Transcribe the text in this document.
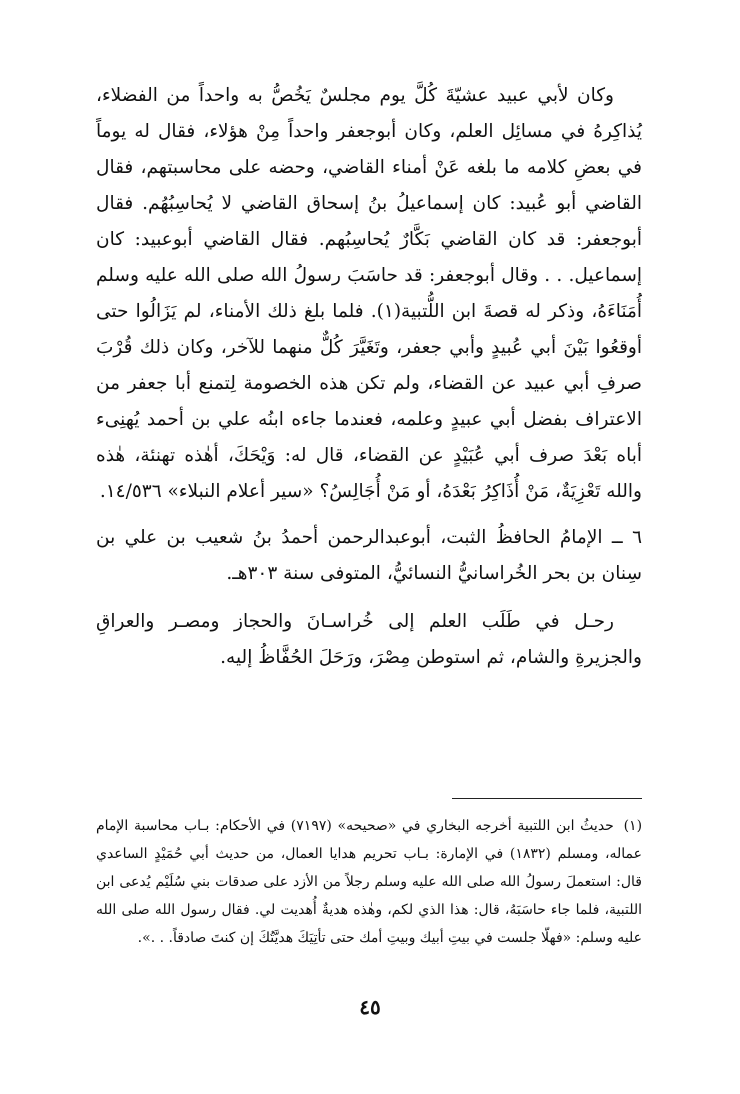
وكان لأبي عبيد عشيّةَ كُلَّ يوم مجلسٌ يَخُصُّ به واحداً من الفضلاء، يُذاكِرهُ في مسائِل العلم، وكان أبوجعفر واحداً مِنْ هؤلاء، فقال له يوماً في بعضِ كلامه ما بلغه عَنْ أمناء القاضي، وحضه على محاسبتهم، فقال القاضي أبو عُبيد: كان إسماعيلُ بنُ إسحاق القاضي لا يُحاسِبُهُم. فقال أبوجعفر: قد كان القاضي بَكَّارٌ يُحاسِبُهم. فقال القاضي أبوعبيد: كان إسماعيل. . . وقال أبوجعفر: قد حاسَبَ رسولُ الله صلى الله عليه وسلم أُمَنَاءَهُ، وذكر له قصةَ ابن اللُّتبية(١). فلما بلغ ذلك الأمناء، لم يَزَالُوا حتى أوقعُوا بَيْنَ أبي عُبيدٍ وأبي جعفر، وتَغَيَّرَ كُلٌّ منهما للآخر، وكان ذلك قُرْبَ صرفِ أبي عبيد عن القضاء، ولم تكن هذه الخصومة لِتمنع أبا جعفر من الاعتراف بفضل أبي عبيدٍ وعلمه، فعندما جاءه ابنُه علي بن أحمد يُهنِىء أباه بَعْدَ صرف أبي عُبَيْدٍ عن القضاء، قال له: وَيْحَكَ، أهٰذه تهنئة، هٰذه والله تَعْزِيَةٌ، مَنْ أُذَاكِرُ بَعْدَهُ، أو مَنْ أُجَالِسُ؟ «سير أعلام النبلاء» ١٤/٥٣٦.

٦ ــ الإمامُ الحافظُ الثبت، أبوعبدالرحمن أحمدُ بنُ شعيب بن علي بن سِنان بن بحر الخُراسانيُّ النسائيُّ، المتوفى سنة ٣٠٣هـ.

رحـل في طَلَب العلم إلى خُراسـانَ والحجاز ومصـر والعراقِ والجزيرةِ والشام، ثم استوطن مِصْرَ، ورَحَلَ الحُفَّاظُ إليه.

(١) حديثُ ابن اللتبية أخرجه البخاري في «صحيحه» (٧١٩٧) في الأحكام: بـاب محاسبة الإمام عماله، ومسلم (١٨٣٢) في الإمارة: بـاب تحريم هدايا العمال، من حديث أبي حُمَيْدٍ الساعدي قال: استعملَ رسولُ الله صلى الله عليه وسلم رجلاً من الأزد على صدقات بني سُلَيْم يُدعى ابن اللتبية، فلما جاء حاسَبَهُ، قال: هذا الذي لكم، وهٰذه هديةٌ أُهديت لي. فقال رسول الله صلى الله عليه وسلم: «فهلّا جلست في بيتِ أبيك وبيتِ أمك حتى تأتِيَكَ هديَّتُكَ إن كنتَ صادقاً. . .».
٤٥
